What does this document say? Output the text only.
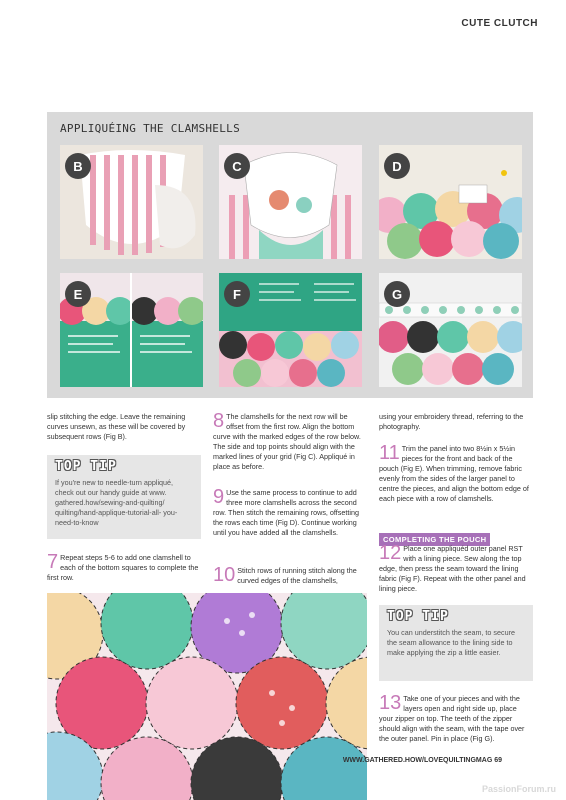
CUTE CLUTCH
APPLIQUÉING THE CLAMSHELLS
B	C	D
E	F	G

slip stitching the edge. Leave the remaining curves unsewn, as these will be covered by subsequent rows (Fig B).

TOP TIP
If you're new to needle-turn appliqué, check out our handy guide at www. gathered.how/sewing-and-quilting/ quilting/hand-applique-tutorial-all- you-need-to-know
7 Repeat steps 5-6 to add one clamshell to each of the bottom squares to complete the first row.
8 The clamshells for the next row will be offset from the first row. Align the bottom curve with the marked edges of the row below. The side and top points should align with the marked lines of your grid (Fig C). Appliqué in place as before.
9 Use the same process to continue to add three more clamshells across the second row. Then stitch the remaining rows, offsetting the rows each time (Fig D). Continue working until you have added all the clamshells.
10 Stitch rows of running stitch along the curved edges of the clamshells,

using your embroidery thread, referring to the photography.

11 Trim the panel into two 8½in x 5½in pieces for the front and back of the pouch (Fig E). When trimming, remove fabric evenly from the sides of the larger panel to centre the pieces, and align the bottom edge of each piece with a row of clamshells.
COMPLETING THE POUCH
12 Place one appliquéd outer panel RST with a lining piece. Sew along the top edge, then press the seam toward the lining fabric (Fig F). Repeat with the other panel and lining piece.
TOP TIP
You can understitch the seam, to secure the seam allowance to the lining side to make applying the zip a little easier.
13 Take one of your pieces and with the layers open and right side up, place your zipper on top. The teeth of the zipper should align with the seam, with the tape over the outer panel. Pin in place (Fig G).
WWW.GATHERED.HOW/LOVEQUILTINGMAG 69
PassionForum.ru
